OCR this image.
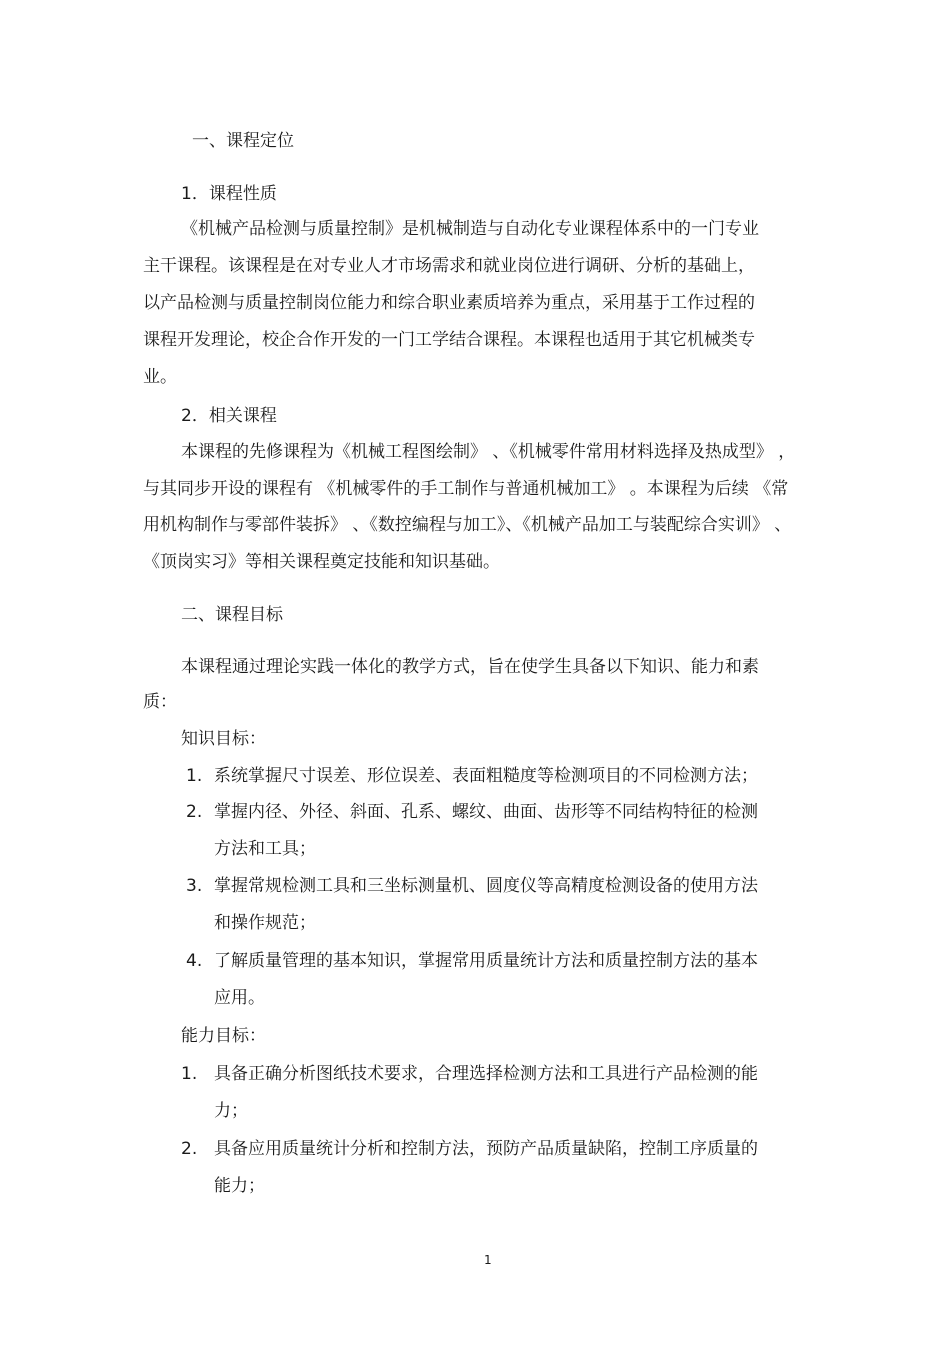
一、课程定位
1．课程性质
《机械产品检测与质量控制》是机械制造与自动化专业课程体系中的一门专业
主干课程。该课程是在对专业人才市场需求和就业岗位进行调研、分析的基础上，
以产品检测与质量控制岗位能力和综合职业素质培养为重点，采用基于工作过程的
课程开发理论，校企合作开发的一门工学结合课程。本课程也适用于其它机械类专
业。
2．相关课程
本课程的先修课程为《机械工程图绘制》 、《机械零件常用材料选择及热成型》 ，
与其同步开设的课程有 《机械零件的手工制作与普通机械加工》 。本课程为后续 《常
用机构制作与零部件装拆》 、《数控编程与加工》、《机械产品加工与装配综合实训》 、
《顶岗实习》等相关课程奠定技能和知识基础。
二、课程目标
本课程通过理论实践一体化的教学方式，旨在使学生具备以下知识、能力和素
质：
知识目标：
1. 系统掌握尺寸误差、形位误差、表面粗糙度等检测项目的不同检测方法；
2. 掌握内径、外径、斜面、孔系、螺纹、曲面、齿形等不同结构特征的检测
方法和工具；
3. 掌握常规检测工具和三坐标测量机、圆度仪等高精度检测设备的使用方法
和操作规范；
4. 了解质量管理的基本知识，掌握常用质量统计方法和质量控制方法的基本
应用。
能力目标：
1. 具备正确分析图纸技术要求，合理选择检测方法和工具进行产品检测的能
力；
2. 具备应用质量统计分析和控制方法，预防产品质量缺陷，控制工序质量的
能力；
1
